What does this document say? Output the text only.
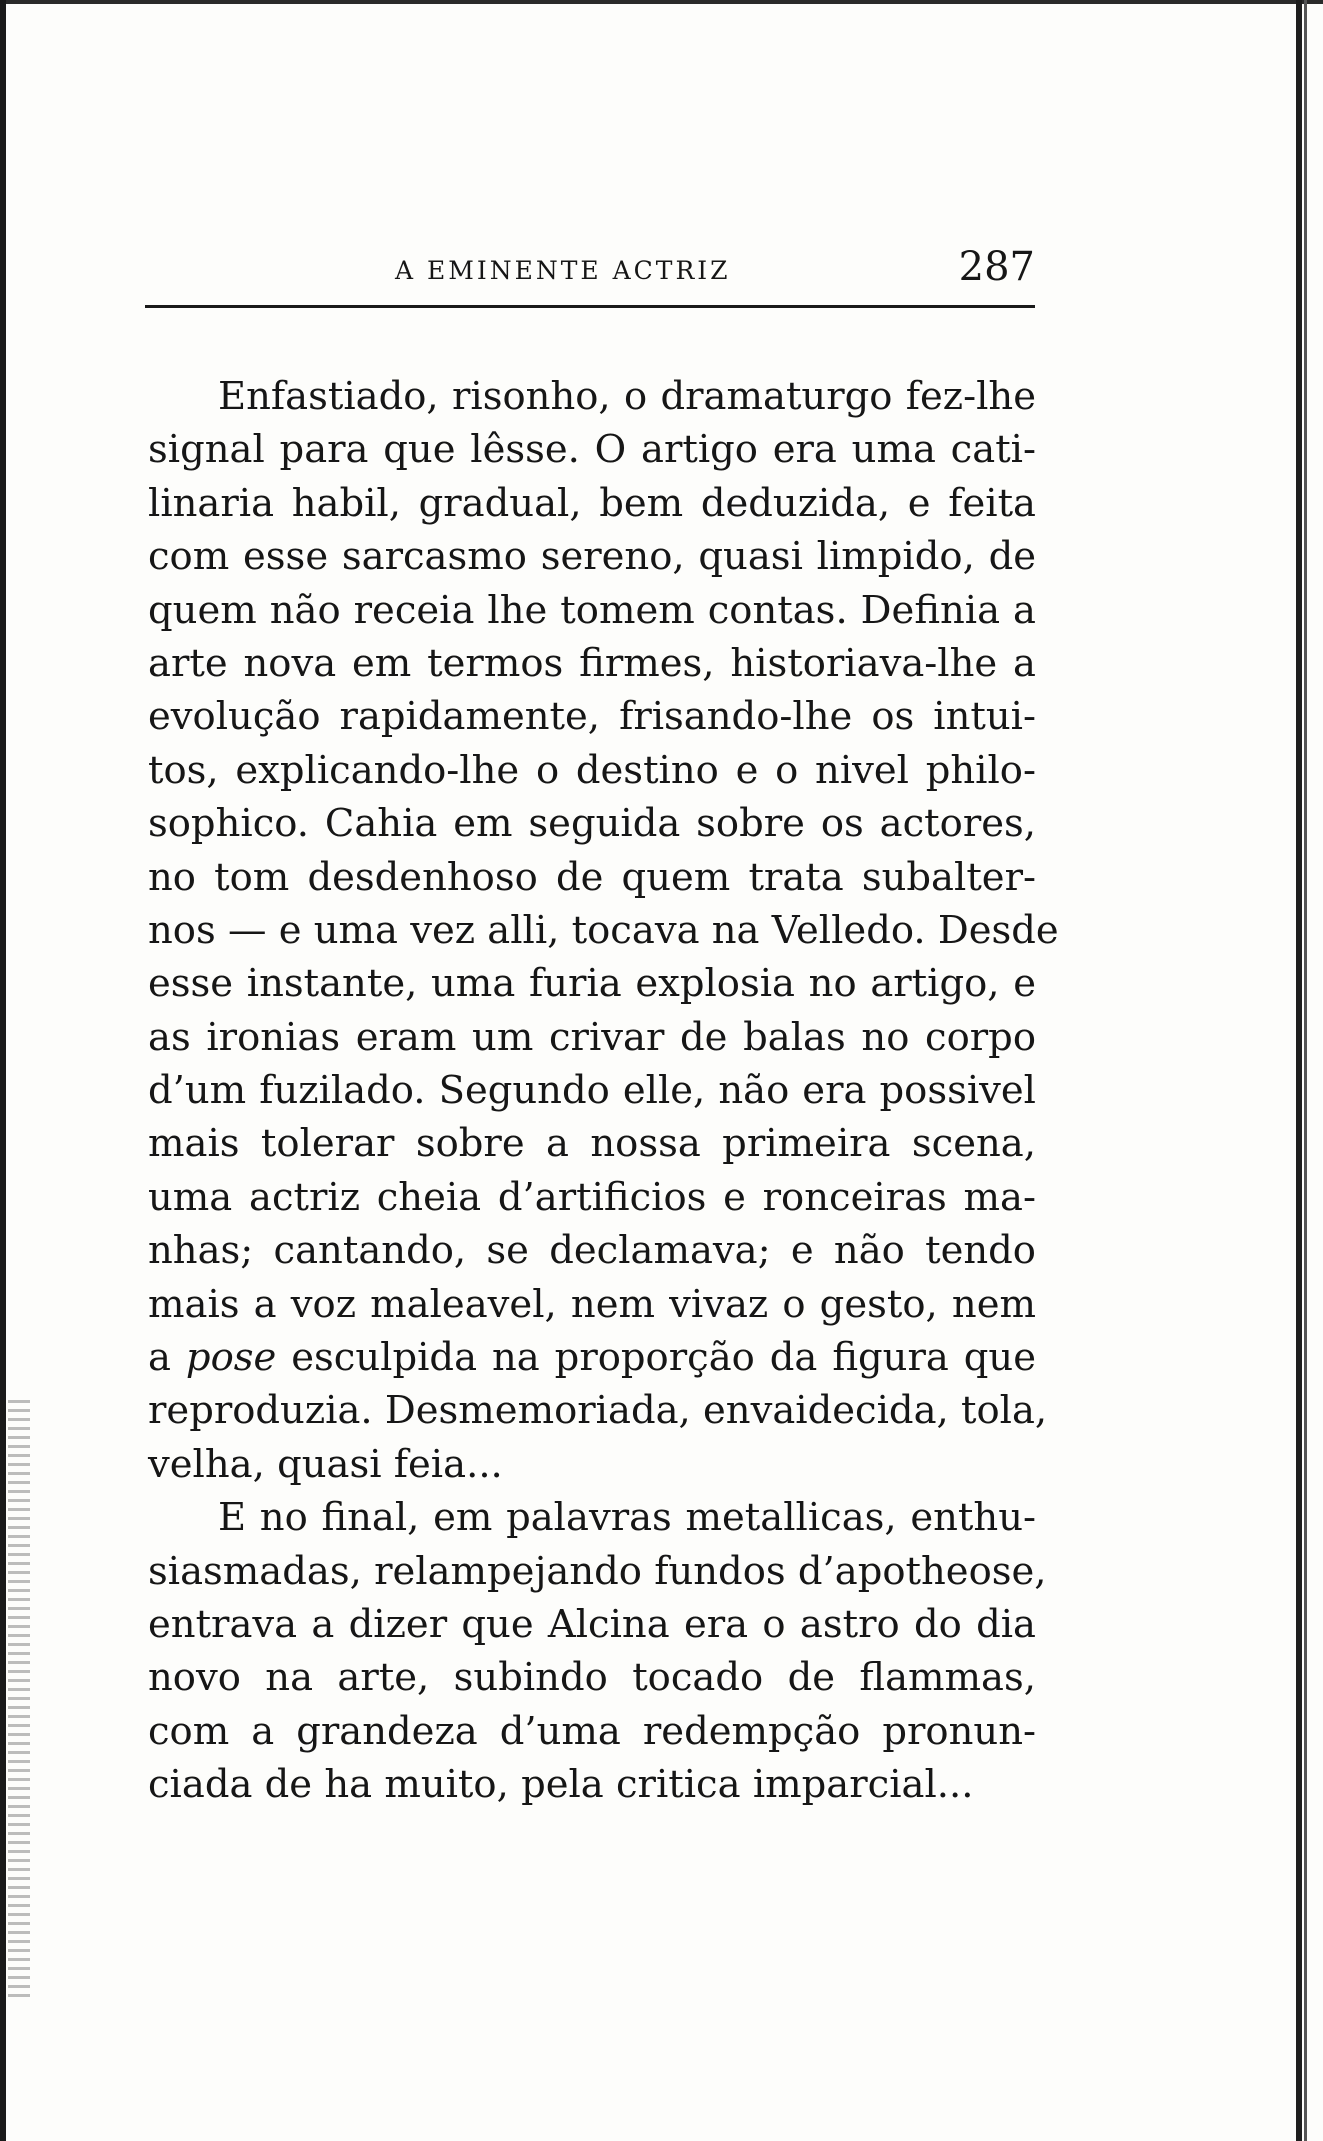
A EMINENTE ACTRIZ	287
Enfastiado, risonho, o dramaturgo fez-lhe
signal para que lêsse. O artigo era uma cati-
linaria habil, gradual, bem deduzida, e feita
com esse sarcasmo sereno, quasi limpido, de
quem não receia lhe tomem contas. Definia a
arte nova em termos firmes, historiava-lhe a
evolução rapidamente, frisando-lhe os intui-
tos, explicando-lhe o destino e o nivel philo-
sophico. Cahia em seguida sobre os actores,
no tom desdenhoso de quem trata subalter-
nos — e uma vez alli, tocava na Velledo. Desde
esse instante, uma furia explosia no artigo, e
as ironias eram um crivar de balas no corpo
d’um fuzilado. Segundo elle, não era possivel
mais tolerar sobre a nossa primeira scena,
uma actriz cheia d’artificios e ronceiras ma-
nhas; cantando, se declamava; e não tendo
mais a voz maleavel, nem vivaz o gesto, nem
a pose esculpida na proporção da figura que
reproduzia. Desmemoriada, envaidecida, tola,
velha, quasi feia...
E no final, em palavras metallicas, enthu-
siasmadas, relampejando fundos d’apotheose,
entrava a dizer que Alcina era o astro do dia
novo na arte, subindo tocado de flammas,
com a grandeza d’uma redempção pronun-
ciada de ha muito, pela critica imparcial...
